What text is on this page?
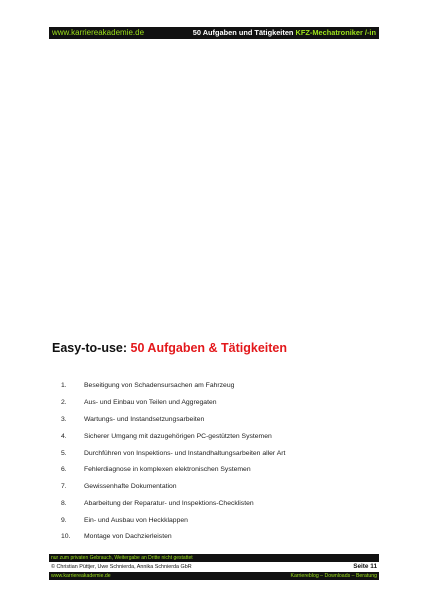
www.karriereakademie.de	50 Aufgaben und Tätigkeiten KFZ-Mechatroniker /-in
Easy-to-use: 50 Aufgaben & Tätigkeiten
1.	Beseitigung von Schadensursachen am Fahrzeug
2.	Aus- und Einbau von Teilen und Aggregaten
3.	Wartungs- und Instandsetzungsarbeiten
4.	Sicherer Umgang mit dazugehörigen PC-gestützten Systemen
5.	Durchführen von Inspektions- und Instandhaltungsarbeiten aller Art
6.	Fehlerdiagnose in komplexen elektronischen Systemen
7.	Gewissenhafte Dokumentation
8.	Abarbeitung der Reparatur- und Inspektions-Checklisten
9.	Ein- und Ausbau von Heckklappen
10. Montage von Dachzierleisten
nur zum privaten Gebrauch, Weitergabe an Dritte nicht gestattet
© Christian Püttjer, Uwe Schnierda, Annika Schnierda GbR	Seite 11
www.karriereakademie.de	Karriereblog – Downloads – Beratung
